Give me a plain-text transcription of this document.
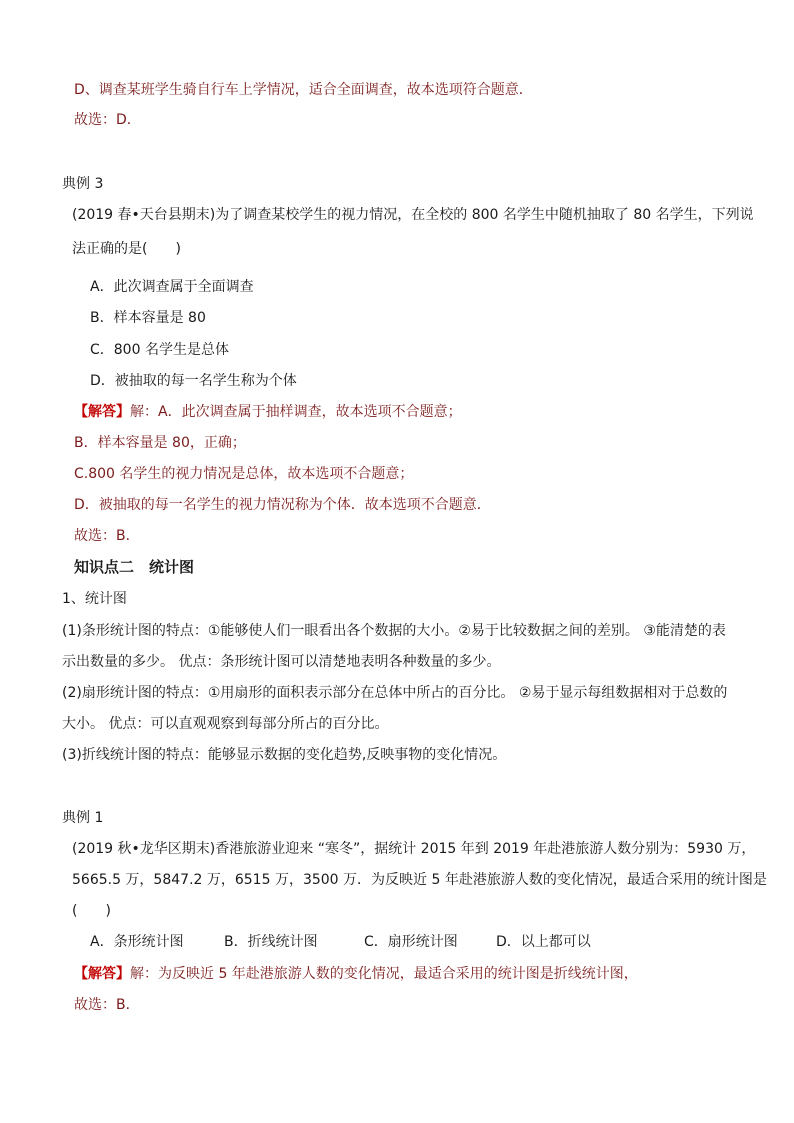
D、调查某班学生骑自行车上学情况，适合全面调查，故本选项符合题意．
故选：D．
典例 3
(2019 春•天台县期末)为了调查某校学生的视力情况，在全校的 800 名学生中随机抽取了 80 名学生，下列说
法正确的是(　　)
A．此次调查属于全面调查
B．样本容量是 80
C．800 名学生是总体
D．被抽取的每一名学生称为个体
【解答】解：A．此次调查属于抽样调查，故本选项不合题意；
B．样本容量是 80，正确；
C.800 名学生的视力情况是总体，故本选项不合题意；
D．被抽取的每一名学生的视力情况称为个体．故本选项不合题意．
故选：B．
知识点二　统计图
1、统计图
(1)条形统计图的特点：①能够使人们一眼看出各个数据的大小。②易于比较数据之间的差别。 ③能清楚的表
示出数量的多少。 优点：条形统计图可以清楚地表明各种数量的多少。
(2)扇形统计图的特点：①用扇形的面积表示部分在总体中所占的百分比。 ②易于显示每组数据相对于总数的
大小。 优点：可以直观观察到每部分所占的百分比。
(3)折线统计图的特点：能够显示数据的变化趋势,反映事物的变化情况。
典例 1
(2019 秋•龙华区期末)香港旅游业迎来 “寒冬”，据统计 2015 年到 2019 年赴港旅游人数分别为：5930 万，
5665.5 万，5847.2 万，6515 万，3500 万．为反映近 5 年赴港旅游人数的变化情况，最适合采用的统计图是
(　　)
A．条形统计图	B．折线统计图	C．扇形统计图	D．以上都可以
【解答】解：为反映近 5 年赴港旅游人数的变化情况，最适合采用的统计图是折线统计图，
故选：B．
